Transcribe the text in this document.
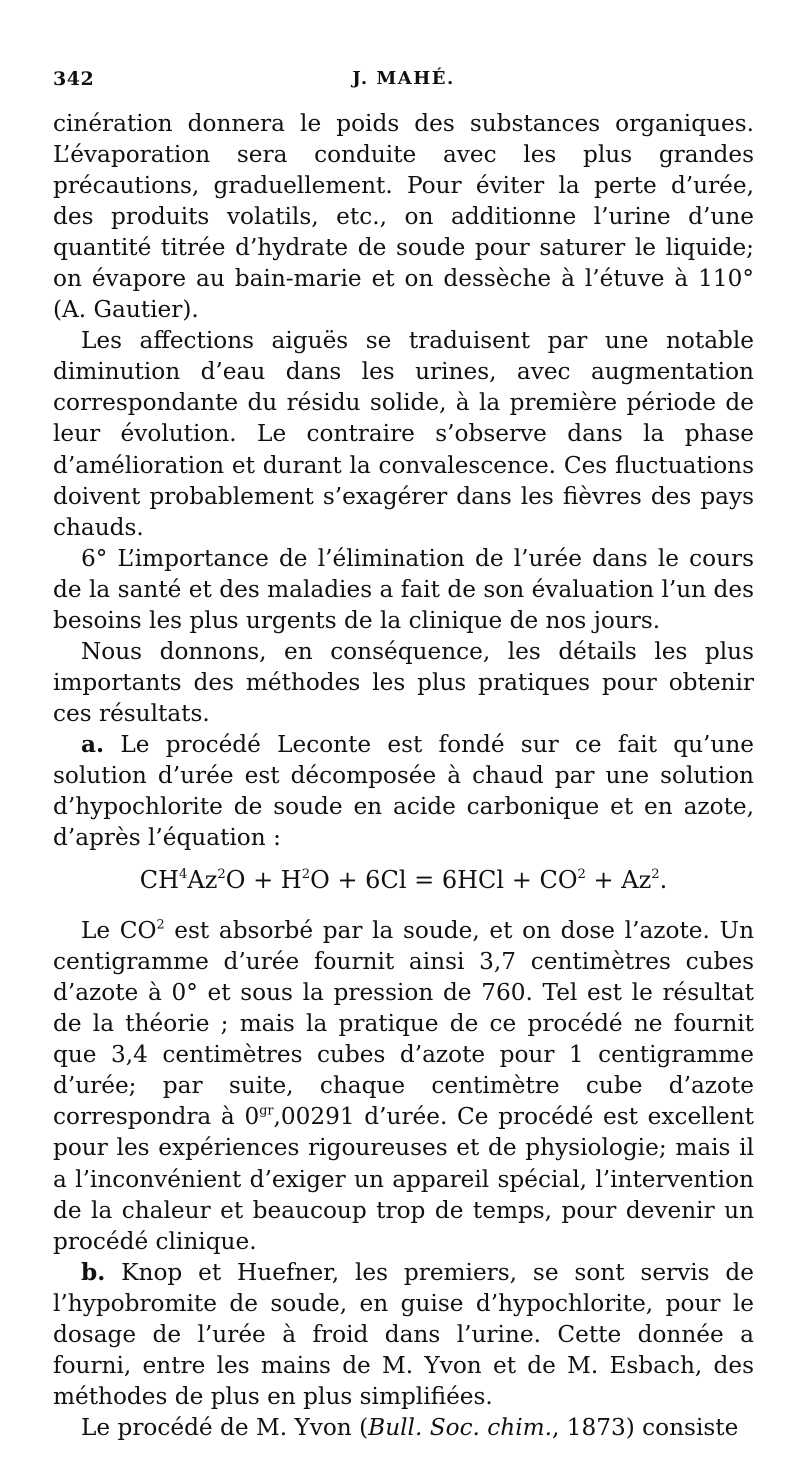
342	J. MAHÉ.

cinération donnera le poids des substances organiques. L’évaporation sera conduite avec les plus grandes précautions, graduellement. Pour éviter la perte d’urée, des produits volatils, etc., on additionne l’urine d’une quantité titrée d’hydrate de soude pour saturer le liquide; on évapore au bain-marie et on dessèche à l’étuve à 110° (A. Gautier).

Les affections aiguës se traduisent par une notable diminution d’eau dans les urines, avec augmentation correspondante du résidu solide, à la première période de leur évolution. Le contraire s’observe dans la phase d’amélioration et durant la convalescence. Ces fluctuations doivent probablement s’exagérer dans les fièvres des pays chauds.

6° L’importance de l’élimination de l’urée dans le cours de la santé et des maladies a fait de son évaluation l’un des besoins les plus urgents de la clinique de nos jours.

Nous donnons, en conséquence, les détails les plus importants des méthodes les plus pratiques pour obtenir ces résultats.

a. Le procédé Leconte est fondé sur ce fait qu’une solution d’urée est décomposée à chaud par une solution d’hypochlorite de soude en acide carbonique et en azote, d’après l’équation :

$CH^4Az^2O + H^2O + 6Cl = 6HCl + CO^2 + Az^2$.

Le $CO^2$ est absorbé par la soude, et on dose l’azote. Un centigramme d’urée fournit ainsi 3,7 centimètres cubes d’azote à 0° et sous la pression de 760. Tel est le résultat de la théorie ; mais la pratique de ce procédé ne fournit que 3,4 centimètres cubes d’azote pour 1 centigramme d’urée; par suite, chaque centimètre cube d’azote correspondra à $0^{gr},00291$ d’urée. Ce procédé est excellent pour les expériences rigoureuses et de physiologie; mais il a l’inconvénient d’exiger un appareil spécial, l’intervention de la chaleur et beaucoup trop de temps, pour devenir un procédé clinique.

b. Knop et Huefner, les premiers, se sont servis de l’hypobromite de soude, en guise d’hypochlorite, pour le dosage de l’urée à froid dans l’urine. Cette donnée a fourni, entre les mains de M. Yvon et de M. Esbach, des méthodes de plus en plus simplifiées.

Le procédé de M. Yvon (Bull. Soc. chim., 1873) consiste
